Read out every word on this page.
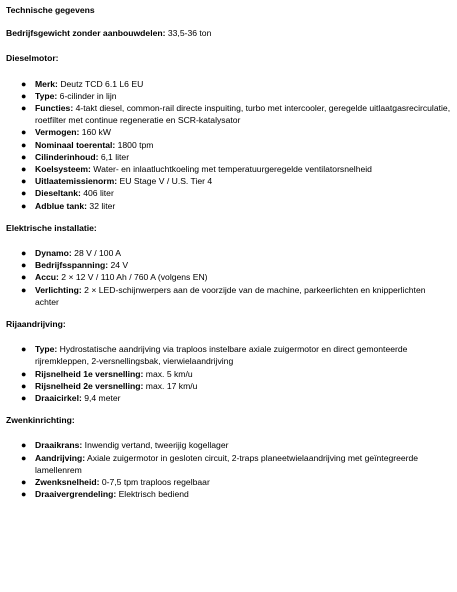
Technische gegevens

Bedrijfsgewicht zonder aanbouwdelen: 33,5-36 ton

Dieselmotor:

● Merk: Deutz TCD 6.1 L6 EU
● Type: 6-cilinder in lijn
● Functies: 4-takt diesel, common-rail directe inspuiting, turbo met intercooler, geregelde uitlaatgasrecirculatie, roetfilter met continue regeneratie en SCR-katalysator
● Vermogen: 160 kW
● Nominaal toerental: 1800 tpm
● Cilinderinhoud: 6,1 liter
● Koelsysteem: Water- en inlaatluchtkoeling met temperatuurgeregelde ventilatorsnelheid
● Uitlaatemissienorm: EU Stage V / U.S. Tier 4
● Dieseltank: 406 liter
● Adblue tank: 32 liter

Elektrische installatie:

● Dynamo: 28 V / 100 A
● Bedrijfsspanning: 24 V
● Accu: 2 × 12 V / 110 Ah / 760 A (volgens EN)
● Verlichting: 2 × LED-schijnwerpers aan de voorzijde van de machine, parkeerlichten en knipperlichten achter

Rijaandrijving:

● Type: Hydrostatische aandrijving via traploos instelbare axiale zuigermotor en direct gemonteerde rijremkleppen, 2-versnellingsbak, vierwielaandrijving
● Rijsnelheid 1e versnelling: max. 5 km/u
● Rijsnelheid 2e versnelling: max. 17 km/u
● Draaicirkel: 9,4 meter

Zwenkinrichting:

● Draaikrans: Inwendig vertand, tweerijig kogellager
● Aandrijving: Axiale zuigermotor in gesloten circuit, 2-traps planeetwielaandrijving met geïntegreerde lamellenrem
● Zwenksnelheid: 0-7,5 tpm traploos regelbaar
● Draaivergrendeling: Elektrisch bediend
